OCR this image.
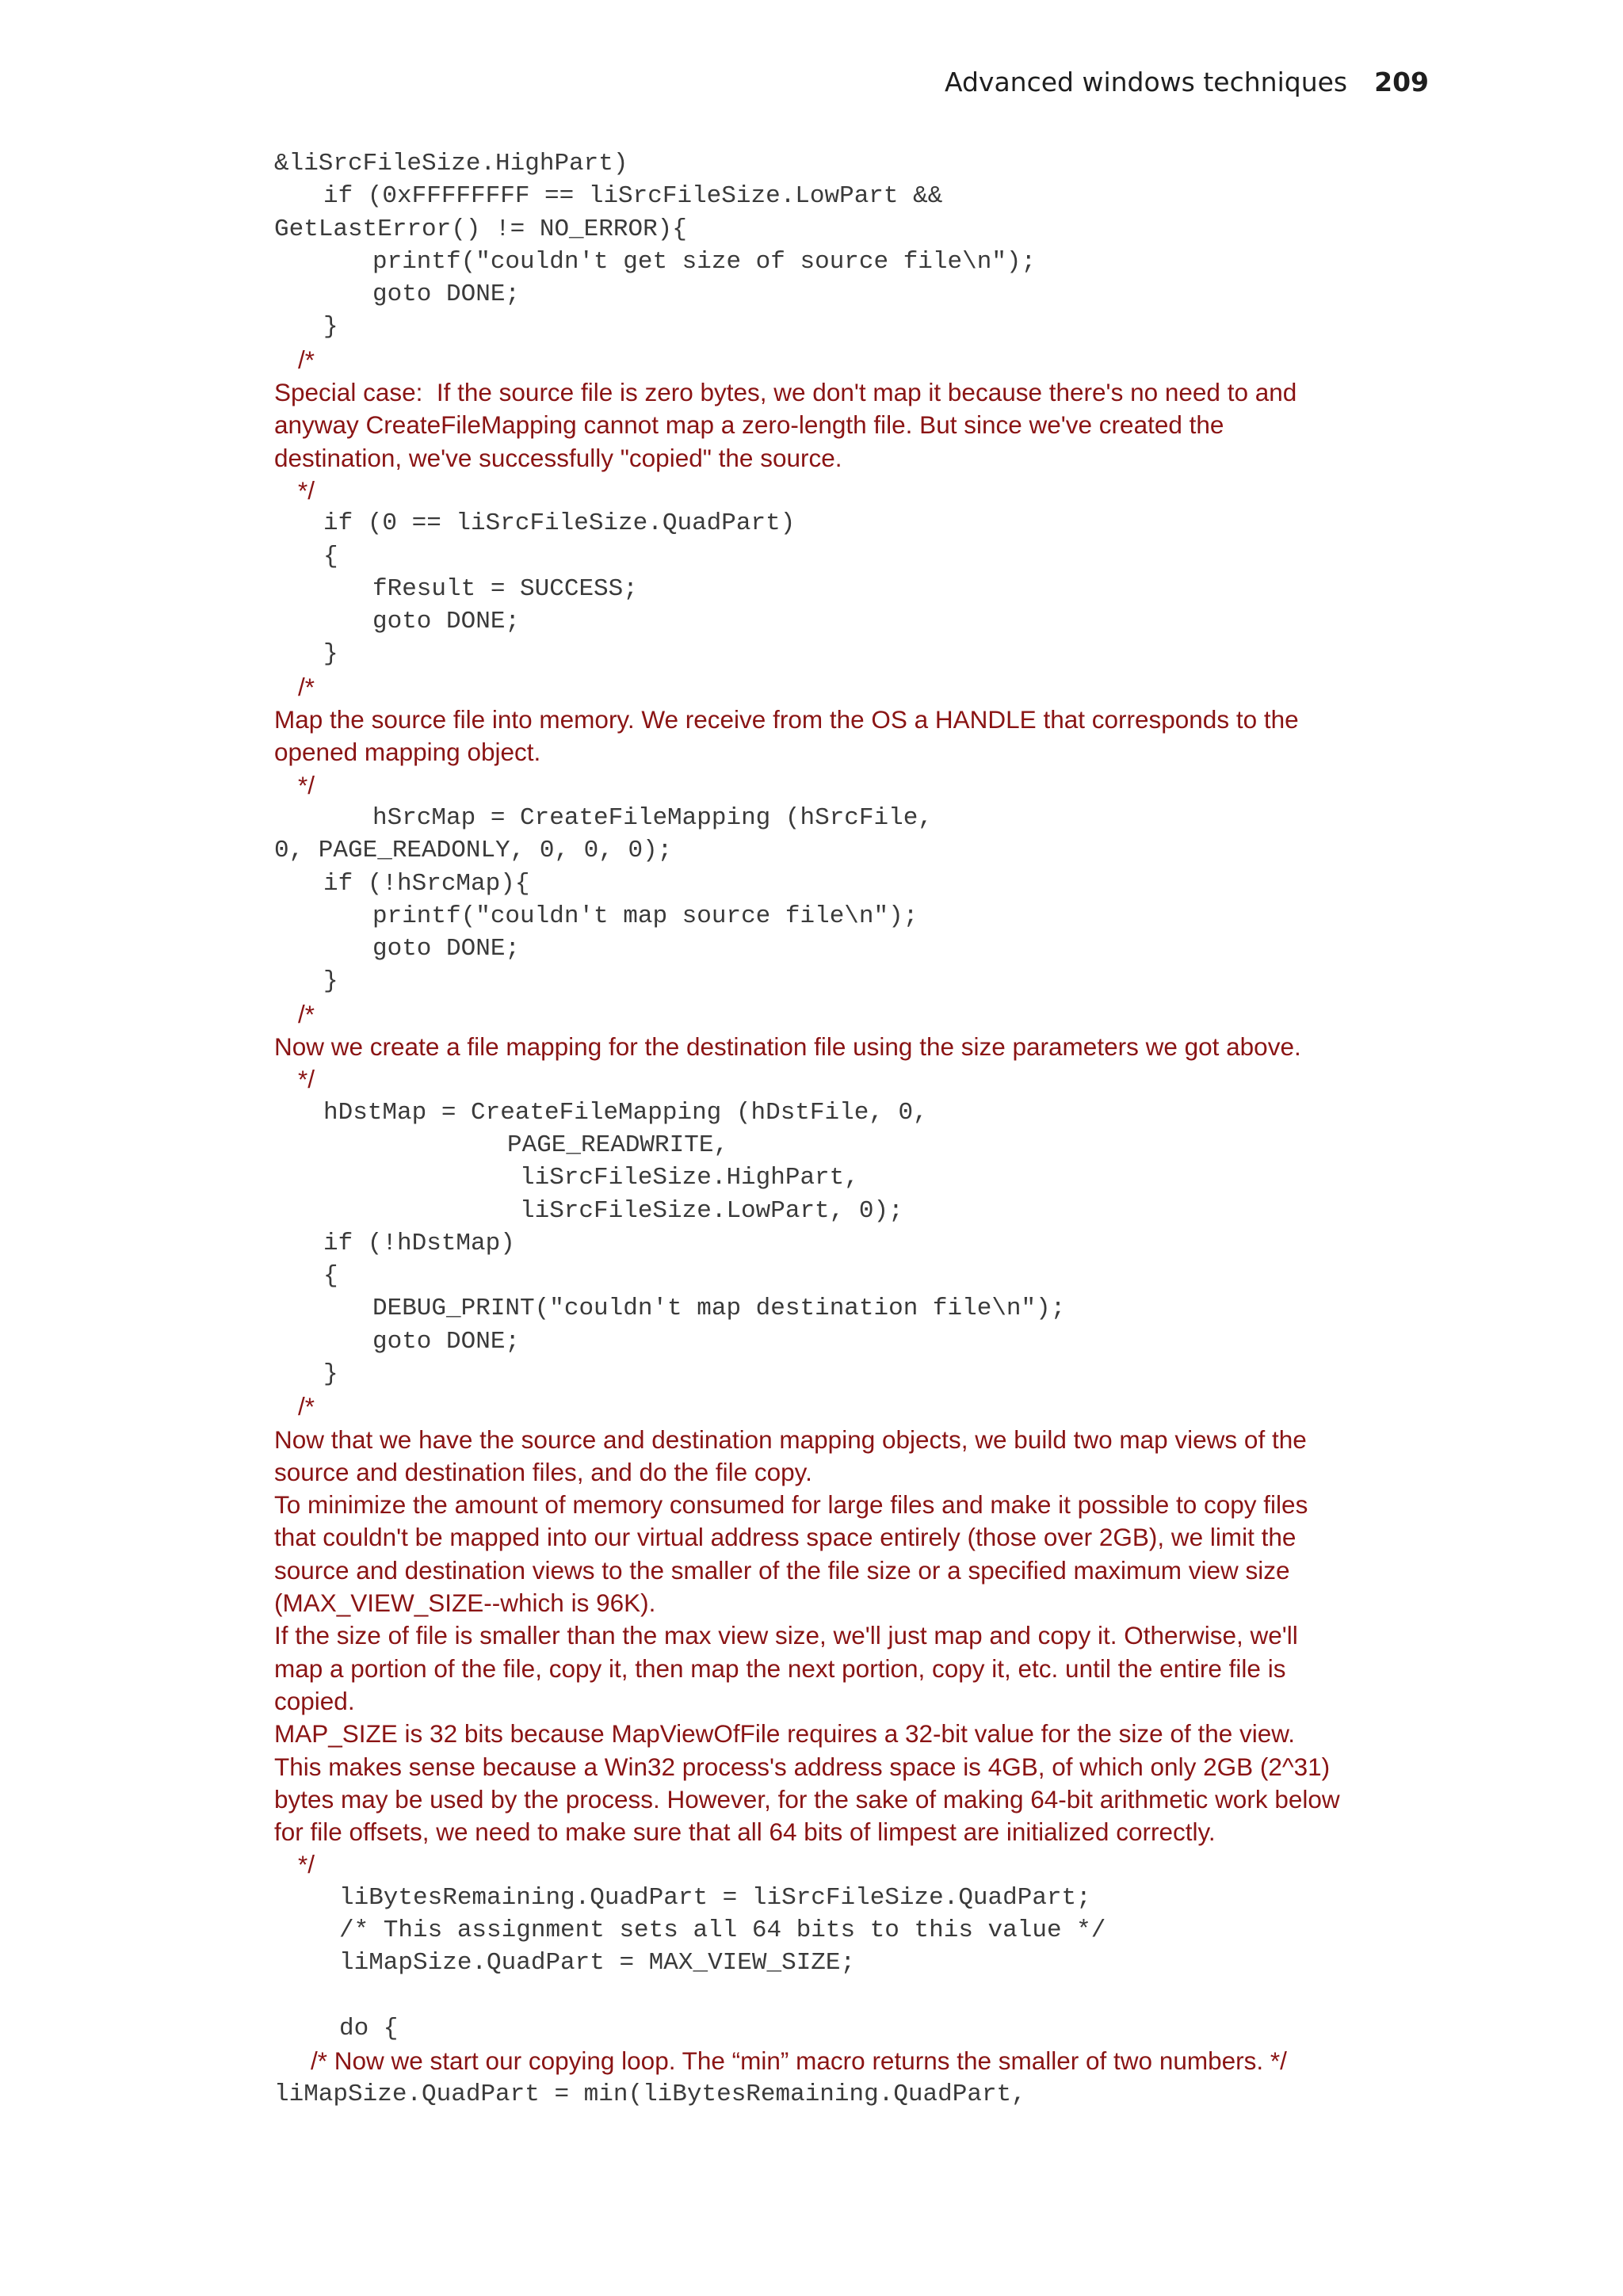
Advanced windows techniques 209
&liSrcFileSize.HighPart)
if (0xFFFFFFFF == liSrcFileSize.LowPart &&
GetLastError() != NO_ERROR){
printf("couldn't get size of source file\n");
goto DONE;
}
/*
Special case:  If the source file is zero bytes, we don't map it because there's no need to and
anyway CreateFileMapping cannot map a zero-length file. But since we've created the
destination, we've successfully "copied" the source.
*/
if (0 == liSrcFileSize.QuadPart)
{
fResult = SUCCESS;
goto DONE;
}
/*
Map the source file into memory. We receive from the OS a HANDLE that corresponds to the
opened mapping object.
*/
hSrcMap = CreateFileMapping (hSrcFile,
0, PAGE_READONLY, 0, 0, 0);
if (!hSrcMap){
printf("couldn't map source file\n");
goto DONE;
}
/*
Now we create a file mapping for the destination file using the size parameters we got above.
*/
hDstMap = CreateFileMapping (hDstFile, 0,
PAGE_READWRITE,
liSrcFileSize.HighPart,
liSrcFileSize.LowPart, 0);
if (!hDstMap)
{
DEBUG_PRINT("couldn't map destination file\n");
goto DONE;
}
/*
Now that we have the source and destination mapping objects, we build two map views of the
source and destination files, and do the file copy.
To minimize the amount of memory consumed for large files and make it possible to copy files
that couldn't be mapped into our virtual address space entirely (those over 2GB), we limit the
source and destination views to the smaller of the file size or a specified maximum view size
(MAX_VIEW_SIZE--which is 96K).
If the size of file is smaller than the max view size, we'll just map and copy it. Otherwise, we'll
map a portion of the file, copy it, then map the next portion, copy it, etc. until the entire file is
copied.
MAP_SIZE is 32 bits because MapViewOfFile requires a 32-bit value for the size of the view.
This makes sense because a Win32 process's address space is 4GB, of which only 2GB (2^31)
bytes may be used by the process. However, for the sake of making 64-bit arithmetic work below
for file offsets, we need to make sure that all 64 bits of limpest are initialized correctly.
*/
liBytesRemaining.QuadPart = liSrcFileSize.QuadPart;
/* This assignment sets all 64 bits to this value */
liMapSize.QuadPart = MAX_VIEW_SIZE;
do {
/* Now we start our copying loop. The “min” macro returns the smaller of two numbers. */
liMapSize.QuadPart = min(liBytesRemaining.QuadPart,
